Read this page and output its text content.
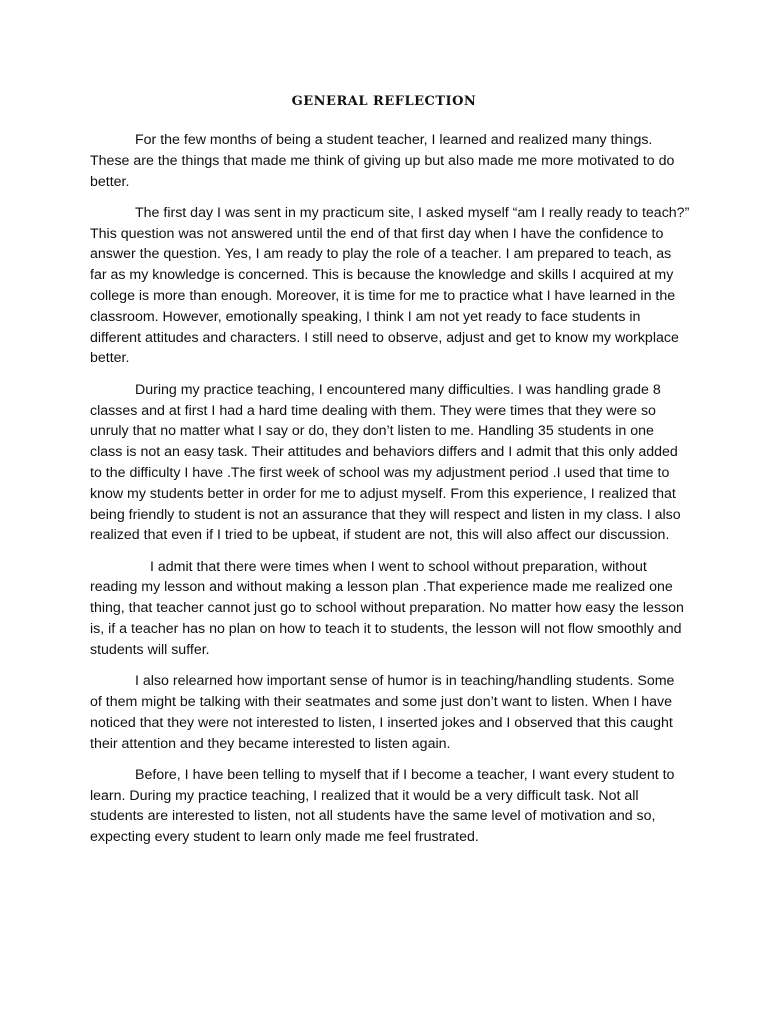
GENERAL REFLECTION

For the few months of being a student teacher, I learned and realized many things. These are the things that made me think of giving up but also made me more motivated to do better.

The first day I was sent in my practicum site, I asked myself “am I really ready to teach?” This question was not answered until the end of that first day when I have the confidence to answer the question. Yes, I am ready to play the role of a teacher. I am prepared to teach, as far as my knowledge is concerned. This is because the knowledge and skills I acquired at my college is more than enough. Moreover, it is time for me to practice what I have learned in the classroom. However, emotionally speaking, I think I am not yet ready to face students in different attitudes and characters. I still need to observe, adjust and get to know my workplace better.

During my practice teaching, I encountered many difficulties. I was handling grade 8 classes and at first I had a hard time dealing with them. They were times that they were so unruly that no matter what I say or do, they don’t listen to me. Handling 35 students in one class is not an easy task. Their attitudes and behaviors differs and I admit that this only added to the difficulty I have .The first week of school was my adjustment period .I used that time to know my students better in order for me to adjust myself. From this experience, I realized that being friendly to student is not an assurance that they will respect and listen in my class. I also realized that even if I tried to be upbeat, if student are not, this will also affect our discussion.

I admit that there were times when I went to school without preparation, without reading my lesson and without making a lesson plan .That experience made me realized one thing, that teacher cannot just go to school without preparation. No matter how easy the lesson is, if a teacher has no plan on how to teach it to students, the lesson will not flow smoothly and students will suffer.

I also relearned how important sense of humor is in teaching/handling students. Some of them might be talking with their seatmates and some just don’t want to listen. When I have noticed that they were not interested to listen, I inserted jokes and I observed that this caught their attention and they became interested to listen again.

Before, I have been telling to myself that if I become a teacher, I want every student to learn. During my practice teaching, I realized that it would be a very difficult task. Not all students are interested to listen, not all students have the same level of motivation and so, expecting every student to learn only made me feel frustrated.
